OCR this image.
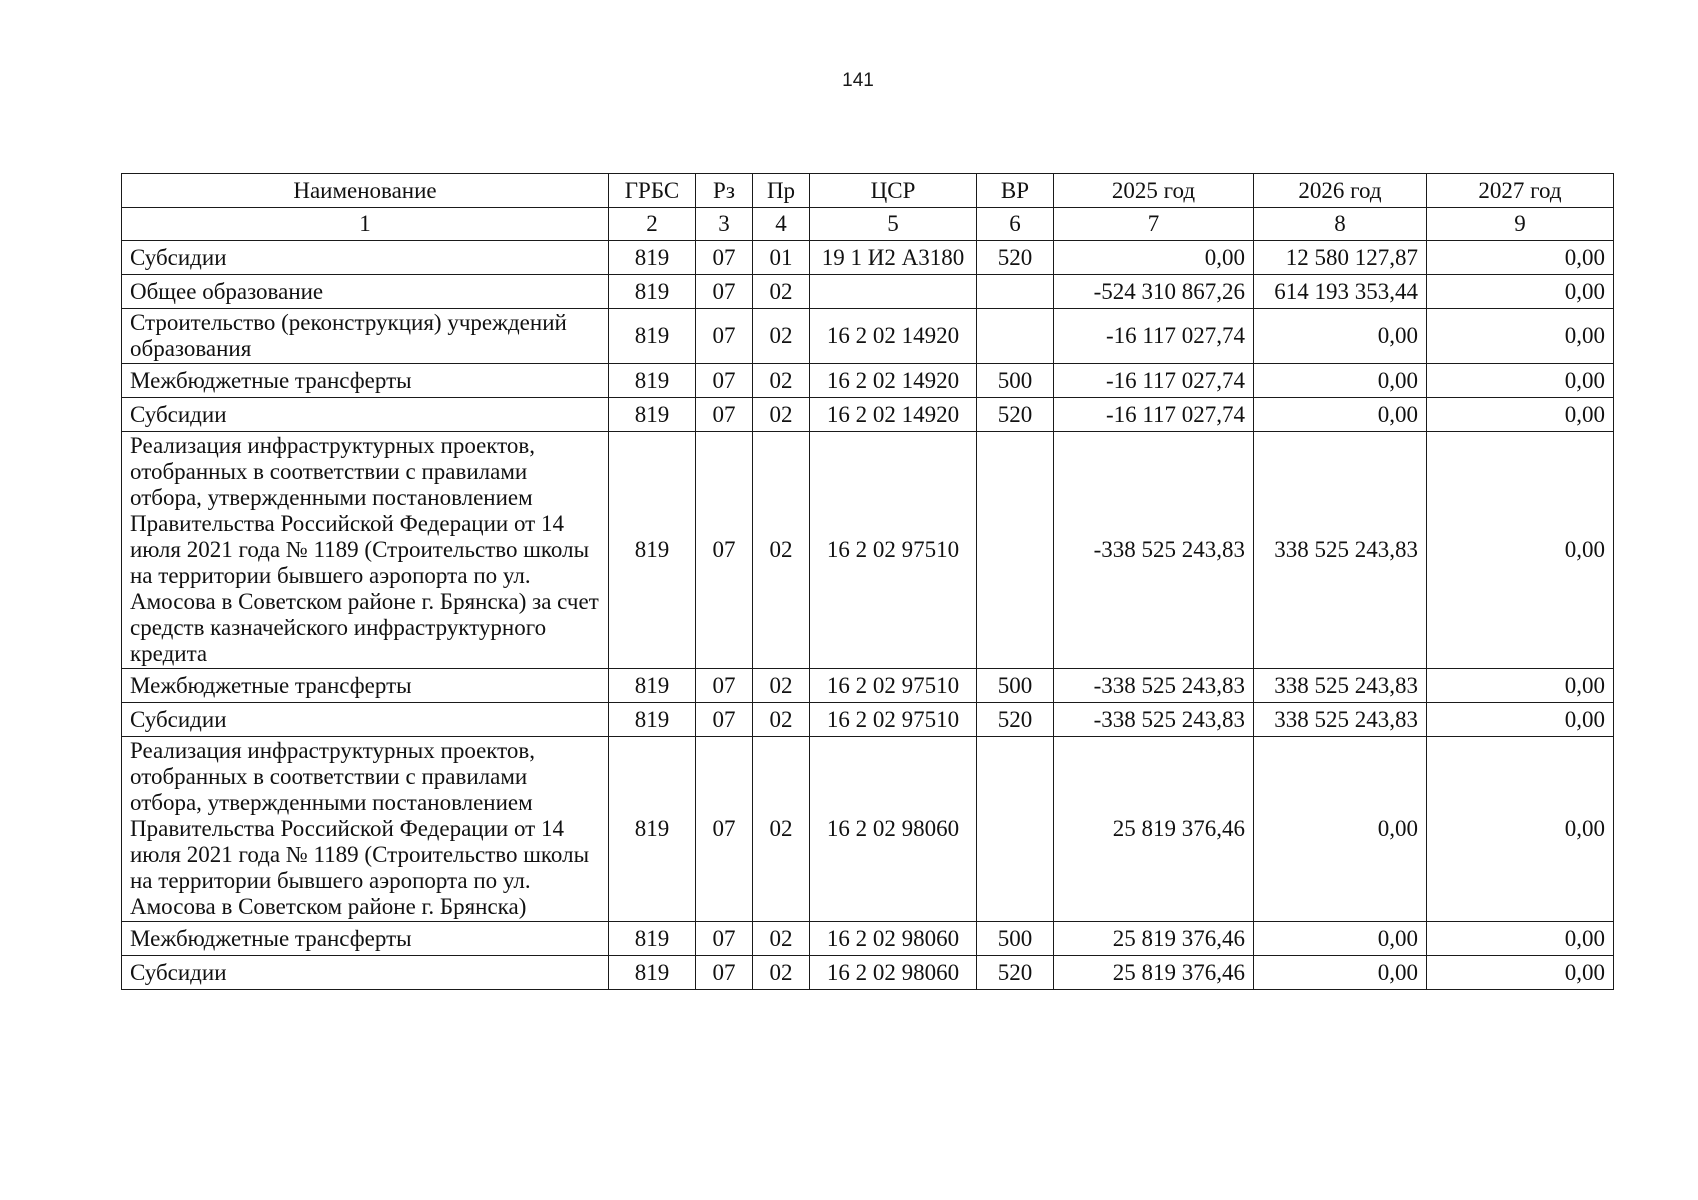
141
Наименование	ГРБС	Рз	Пр	ЦСР	ВР	2025 год	2026 год	2027 год
1	2	3	4	5	6	7	8	9
Субсидии	819	07	01	19 1 И2 А3180	520	0,00	12 580 127,87	0,00
Общее образование	819	07	02			-524 310 867,26	614 193 353,44	0,00
Строительство (реконструкция) учреждений образования	819	07	02	16 2 02 14920		-16 117 027,74	0,00	0,00
Межбюджетные трансферты	819	07	02	16 2 02 14920	500	-16 117 027,74	0,00	0,00
Субсидии	819	07	02	16 2 02 14920	520	-16 117 027,74	0,00	0,00
Реализация инфраструктурных проектов, отобранных в соответствии с правилами отбора, утвержденными постановлением Правительства Российской Федерации от 14 июля 2021 года № 1189 (Строительство школы на территории бывшего аэропорта по ул. Амосова в Советском районе г. Брянска) за счет средств казначейского инфраструктурного кредита	819	07	02	16 2 02 97510		-338 525 243,83	338 525 243,83	0,00
Межбюджетные трансферты	819	07	02	16 2 02 97510	500	-338 525 243,83	338 525 243,83	0,00
Субсидии	819	07	02	16 2 02 97510	520	-338 525 243,83	338 525 243,83	0,00
Реализация инфраструктурных проектов, отобранных в соответствии с правилами отбора, утвержденными постановлением Правительства Российской Федерации от 14 июля 2021 года № 1189 (Строительство школы на территории бывшего аэропорта по ул. Амосова в Советском районе г. Брянска)	819	07	02	16 2 02 98060		25 819 376,46	0,00	0,00
Межбюджетные трансферты	819	07	02	16 2 02 98060	500	25 819 376,46	0,00	0,00
Субсидии	819	07	02	16 2 02 98060	520	25 819 376,46	0,00	0,00
